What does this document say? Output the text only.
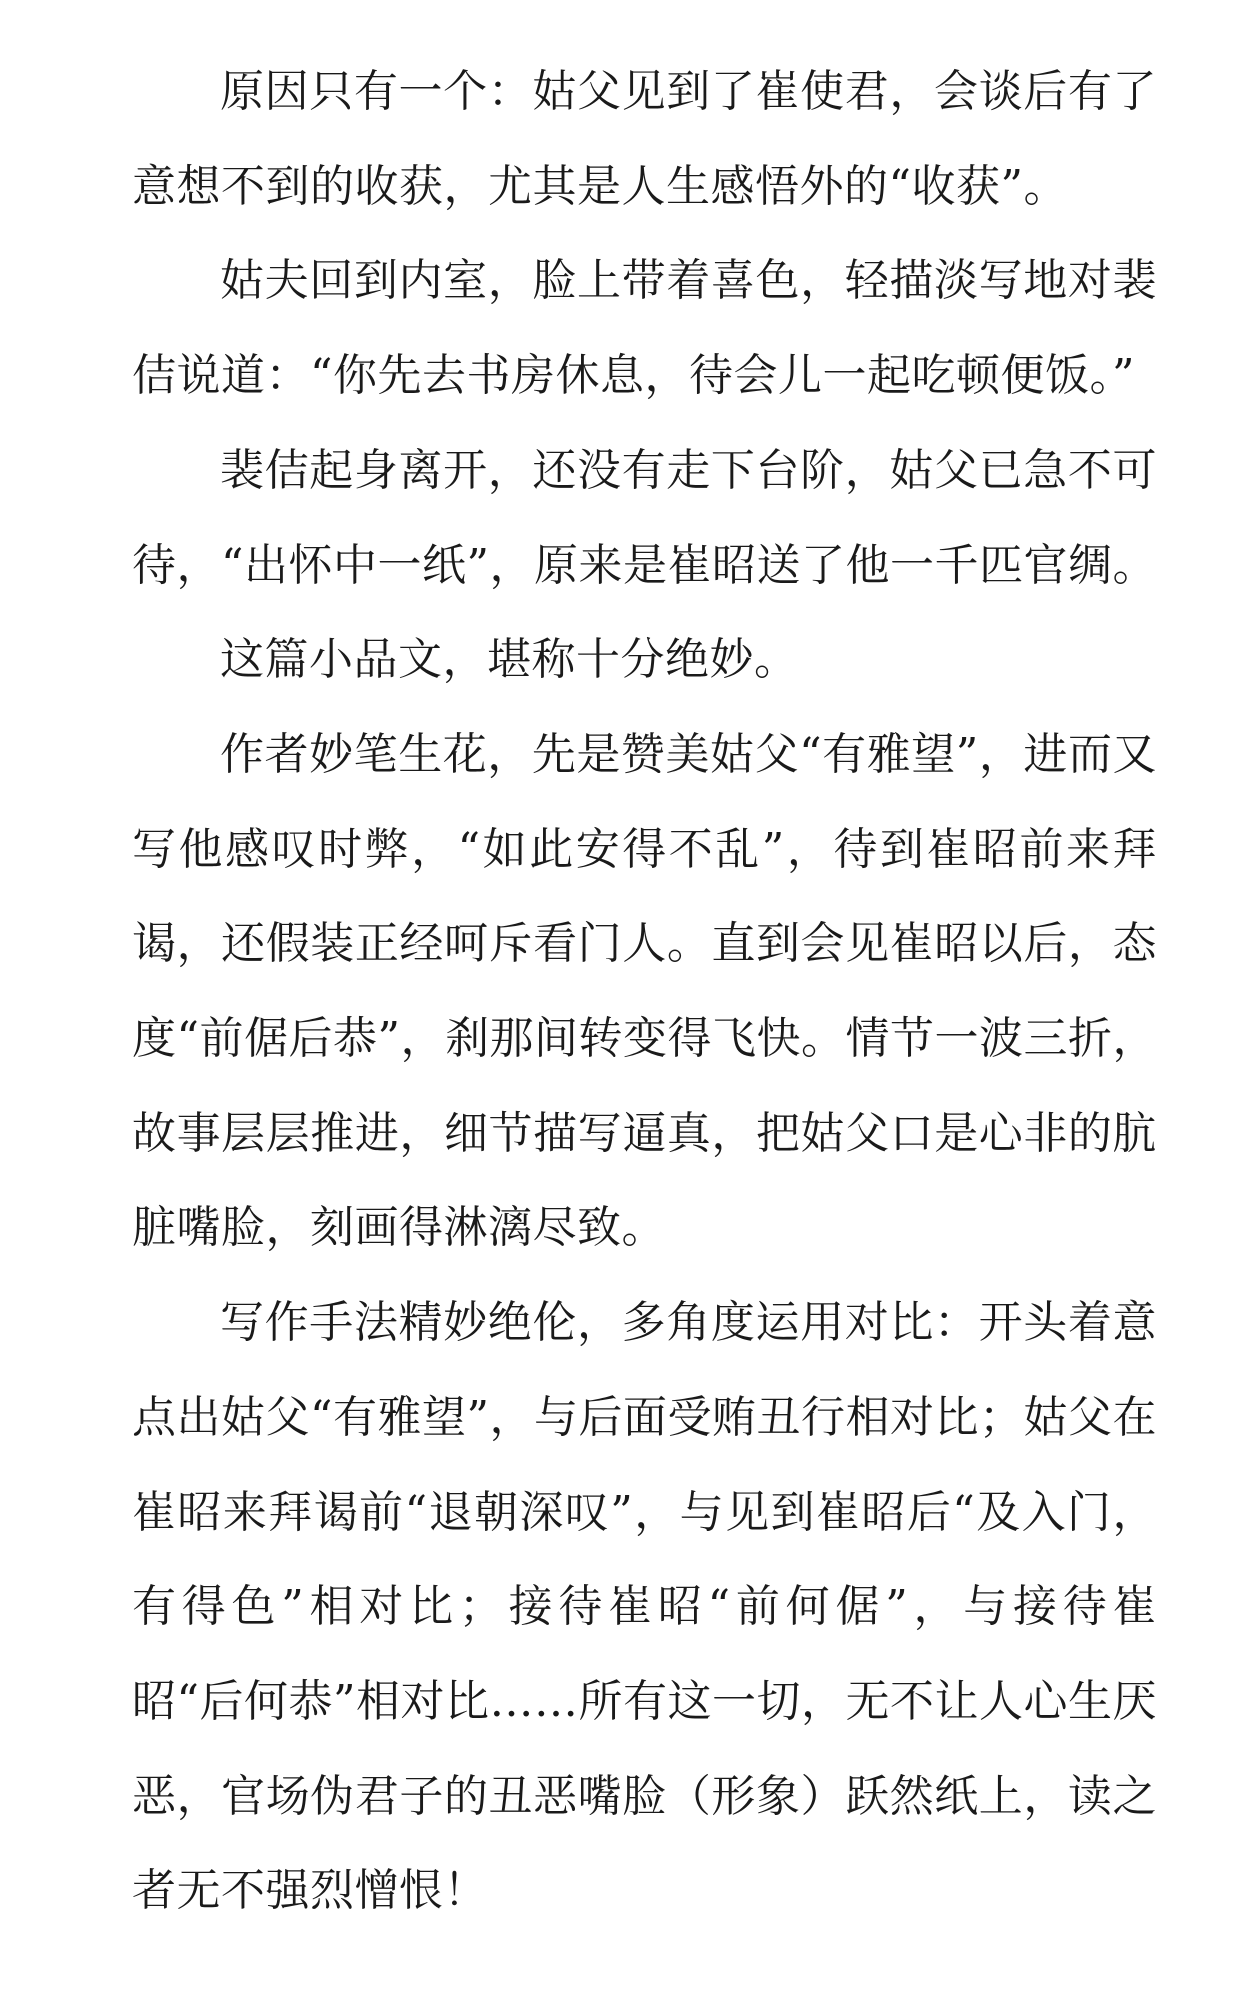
原因只有一个：姑父见到了崔使君，会谈后有了意想不到的收获，尤其是人生感悟外的“收获”。

姑夫回到内室，脸上带着喜色，轻描淡写地对裴佶说道：“你先去书房休息，待会儿一起吃顿便饭。”

裴佶起身离开，还没有走下台阶，姑父已急不可待，“出怀中一纸”，原来是崔昭送了他一千匹官绸。

这篇小品文，堪称十分绝妙。

作者妙笔生花，先是赞美姑父“有雅望”，进而又写他感叹时弊，“如此安得不乱”，待到崔昭前来拜谒，还假装正经呵斥看门人。直到会见崔昭以后，态度“前倨后恭”，刹那间转变得飞快。情节一波三折，故事层层推进，细节描写逼真，把姑父口是心非的肮脏嘴脸，刻画得淋漓尽致。

写作手法精妙绝伦，多角度运用对比：开头着意点出姑父“有雅望”，与后面受贿丑行相对比；姑父在崔昭来拜谒前“退朝深叹”，与见到崔昭后“及入门，有得色”相对比；接待崔昭“前何倨”，与接待崔昭“后何恭”相对比……所有这一切，无不让人心生厌恶，官场伪君子的丑恶嘴脸（形象）跃然纸上，读之者无不强烈憎恨！
